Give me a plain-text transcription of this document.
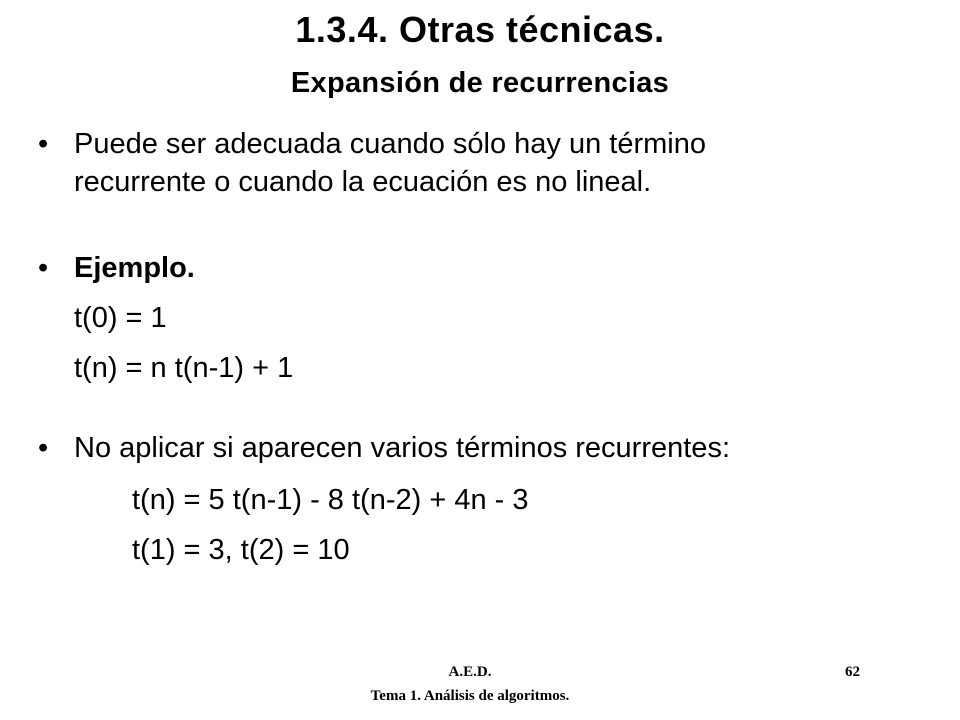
1.3.4. Otras técnicas.
Expansión de recurrencias
• Puede ser adecuada cuando sólo hay un término
recurrente o cuando la ecuación es no lineal.
• Ejemplo.
t(0) = 1
t(n) = n t(n-1) + 1
• No aplicar si aparecen varios términos recurrentes:
t(n) = 5 t(n-1) - 8 t(n-2) + 4n - 3
t(1) = 3, t(2) = 10
A.E.D.
Tema 1. Análisis de algoritmos.
62
